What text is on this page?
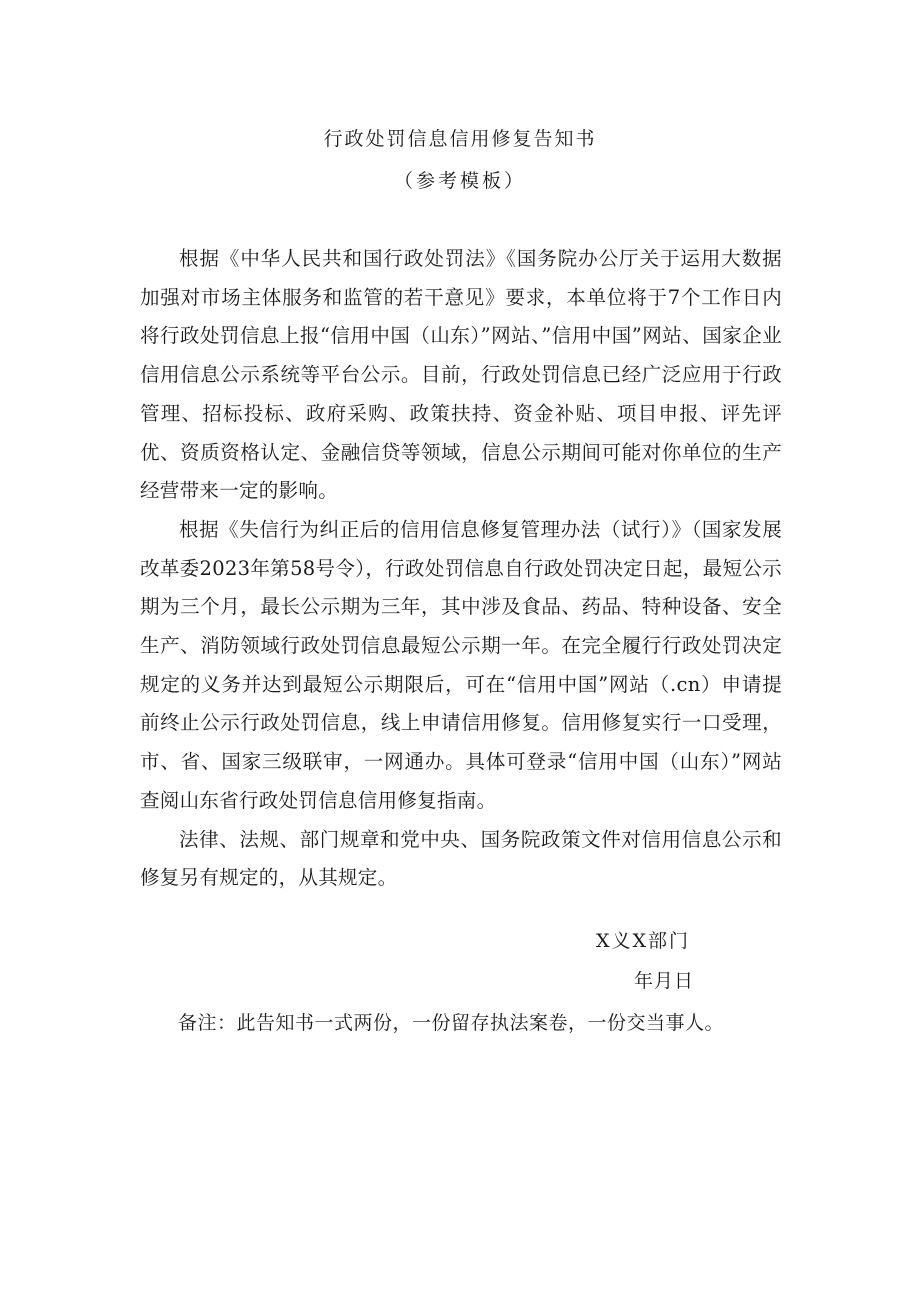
行政处罚信息信用修复告知书
（参考模板）

根据《中华人民共和国行政处罚法》《国务院办公厅关于运用大数据加强对市场主体服务和监管的若干意见》要求，本单位将于7个工作日内将行政处罚信息上报“信用中国（山东）”网站、”信用中国”网站、国家企业信用信息公示系统等平台公示。目前，行政处罚信息已经广泛应用于行政管理、招标投标、政府采购、政策扶持、资金补贴、项目申报、评先评优、资质资格认定、金融信贷等领域，信息公示期间可能对你单位的生产经营带来一定的影响。

根据《失信行为纠正后的信用信息修复管理办法（试行）》（国家发展改革委2023年第58号令），行政处罚信息自行政处罚决定日起，最短公示期为三个月，最长公示期为三年，其中涉及食品、药品、特种设备、安全生产、消防领域行政处罚信息最短公示期一年。在完全履行行政处罚决定规定的义务并达到最短公示期限后，可在“信用中国”网站（.cn）申请提前终止公示行政处罚信息，线上申请信用修复。信用修复实行一口受理，市、省、国家三级联审，一网通办。具体可登录“信用中国（山东）”网站查阅山东省行政处罚信息信用修复指南。

法律、法规、部门规章和党中央、国务院政策文件对信用信息公示和修复另有规定的，从其规定。

X义X部门
年月日
备注：此告知书一式两份，一份留存执法案卷，一份交当事人。
